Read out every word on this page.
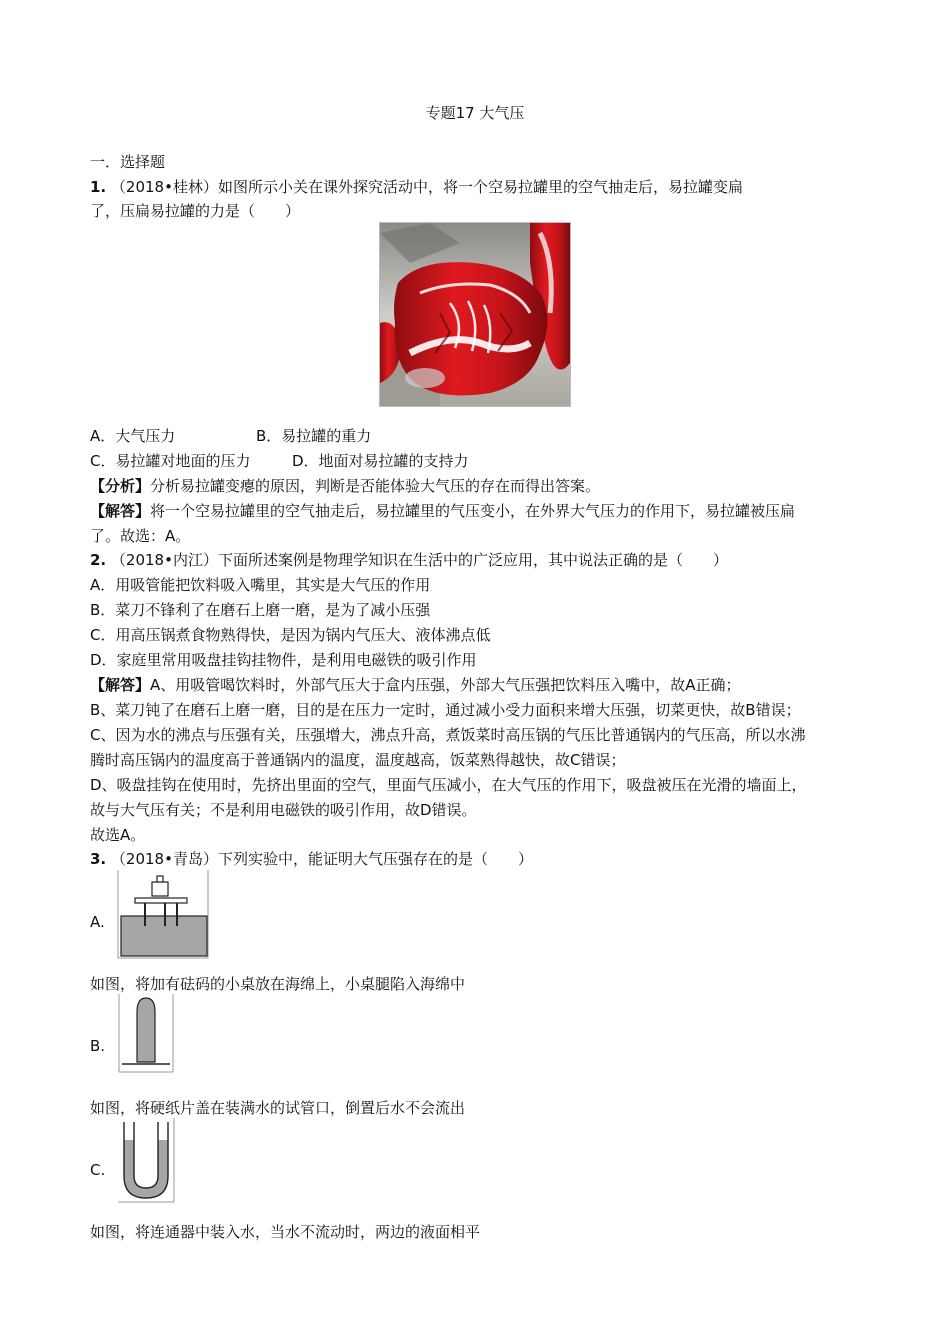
专题17 大气压
一．选择题
1. （2018•桂林）如图所示小关在课外探究活动中，将一个空易拉罐里的空气抽走后，易拉罐变扁
了，压扁易拉罐的力是（　　）
A．大气压力	B．易拉罐的重力
C．易拉罐对地面的压力	D．地面对易拉罐的支持力
【分析】分析易拉罐变瘪的原因，判断是否能体验大气压的存在而得出答案。
【解答】将一个空易拉罐里的空气抽走后，易拉罐里的气压变小，在外界大气压力的作用下，易拉罐被压扁
了。故选：A。
2. （2018•内江）下面所述案例是物理学知识在生活中的广泛应用，其中说法正确的是（　　）
A．用吸管能把饮料吸入嘴里，其实是大气压的作用
B．菜刀不锋利了在磨石上磨一磨，是为了减小压强
C．用高压锅煮食物熟得快，是因为锅内气压大、液体沸点低
D．家庭里常用吸盘挂钩挂物件，是利用电磁铁的吸引作用
【解答】A、用吸管喝饮料时，外部气压大于盒内压强，外部大气压强把饮料压入嘴中，故A正确；
B、菜刀钝了在磨石上磨一磨，目的是在压力一定时，通过减小受力面积来增大压强，切菜更快，故B错误；
C、因为水的沸点与压强有关，压强增大，沸点升高，煮饭菜时高压锅的气压比普通锅内的气压高，所以水沸
腾时高压锅内的温度高于普通锅内的温度，温度越高，饭菜熟得越快，故C错误；
D、吸盘挂钩在使用时，先挤出里面的空气，里面气压减小，在大气压的作用下，吸盘被压在光滑的墙面上，
故与大气压有关；不是利用电磁铁的吸引作用，故D错误。
故选A。
3. （2018•青岛）下列实验中，能证明大气压强存在的是（　　）
A.
如图，将加有砝码的小桌放在海绵上，小桌腿陷入海绵中
B.
如图，将硬纸片盖在装满水的试管口，倒置后水不会流出
C.
如图，将连通器中装入水，当水不流动时，两边的液面相平
